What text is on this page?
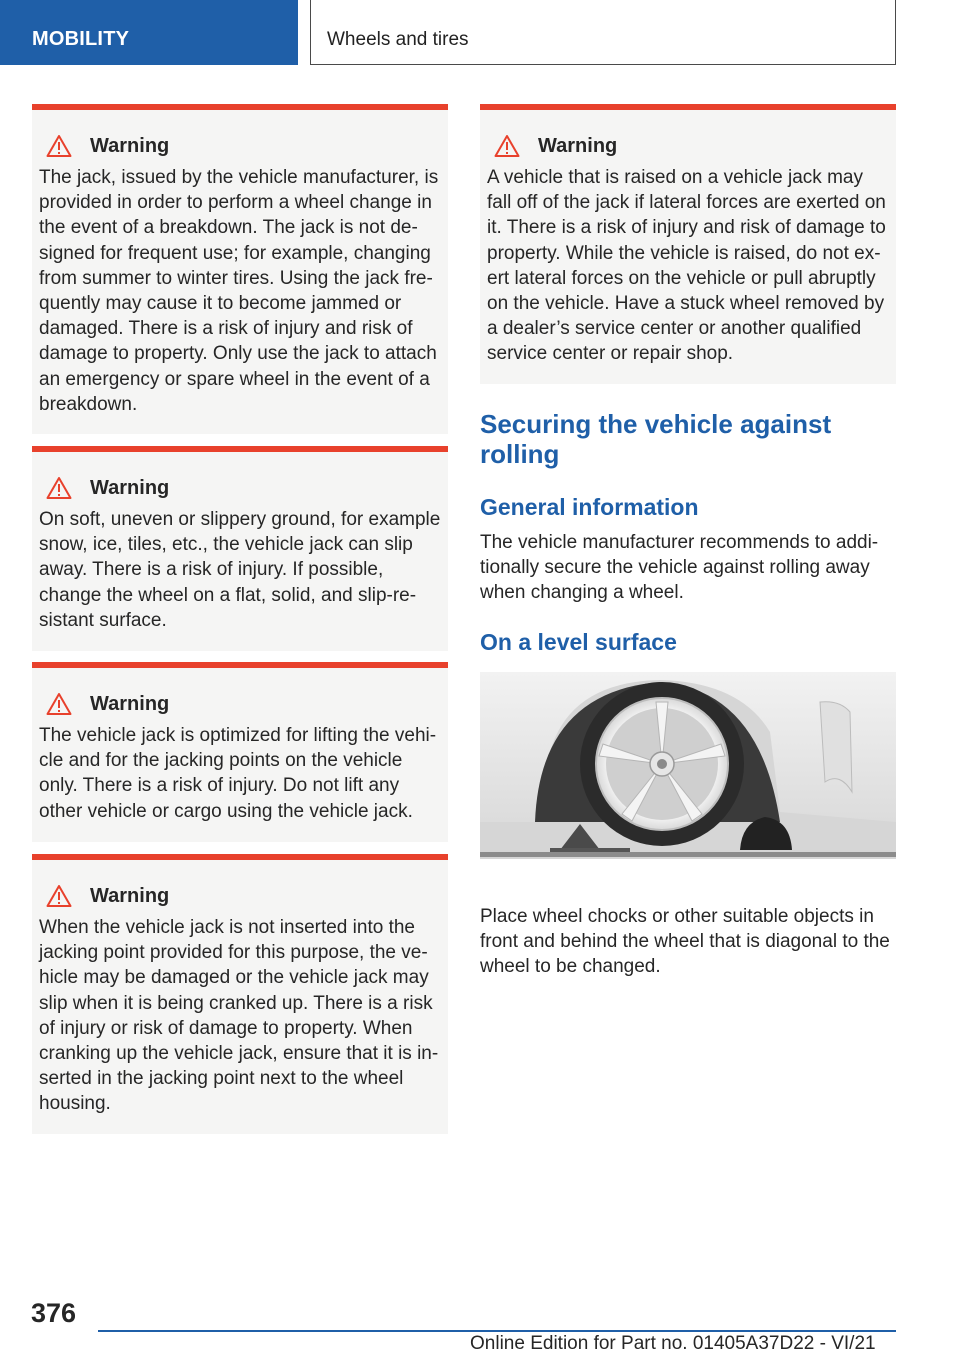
MOBILITY	Wheels and tires
Warning
The jack, issued by the vehicle manufacturer, is provided in order to perform a wheel change in the event of a breakdown. The jack is not de‐signed for frequent use; for example, changing from summer to winter tires. Using the jack fre‐quently may cause it to become jammed or damaged. There is a risk of injury and risk of damage to property. Only use the jack to attach an emergency or spare wheel in the event of a breakdown.
Warning
On soft, uneven or slippery ground, for example snow, ice, tiles, etc., the vehicle jack can slip away. There is a risk of injury. If possible, change the wheel on a flat, solid, and slip-re‐sistant surface.
Warning
The vehicle jack is optimized for lifting the vehi‐cle and for the jacking points on the vehicle only. There is a risk of injury. Do not lift any other vehicle or cargo using the vehicle jack.
Warning
When the vehicle jack is not inserted into the jacking point provided for this purpose, the ve‐hicle may be damaged or the vehicle jack may slip when it is being cranked up. There is a risk of injury or risk of damage to property. When cranking up the vehicle jack, ensure that it is in‐serted in the jacking point next to the wheel housing.
Warning
A vehicle that is raised on a vehicle jack may fall off of the jack if lateral forces are exerted on it. There is a risk of injury and risk of damage to property. While the vehicle is raised, do not ex‐ert lateral forces on the vehicle or pull abruptly on the vehicle. Have a stuck wheel removed by a dealer’s service center or another qualified service center or repair shop.
Securing the vehicle against rolling
General information
The vehicle manufacturer recommends to addi‐tionally secure the vehicle against rolling away when changing a wheel.
On a level surface
Place wheel chocks or other suitable objects in front and behind the wheel that is diagonal to the wheel to be changed.
376
Online Edition for Part no. 01405A37D22 - VI/21
